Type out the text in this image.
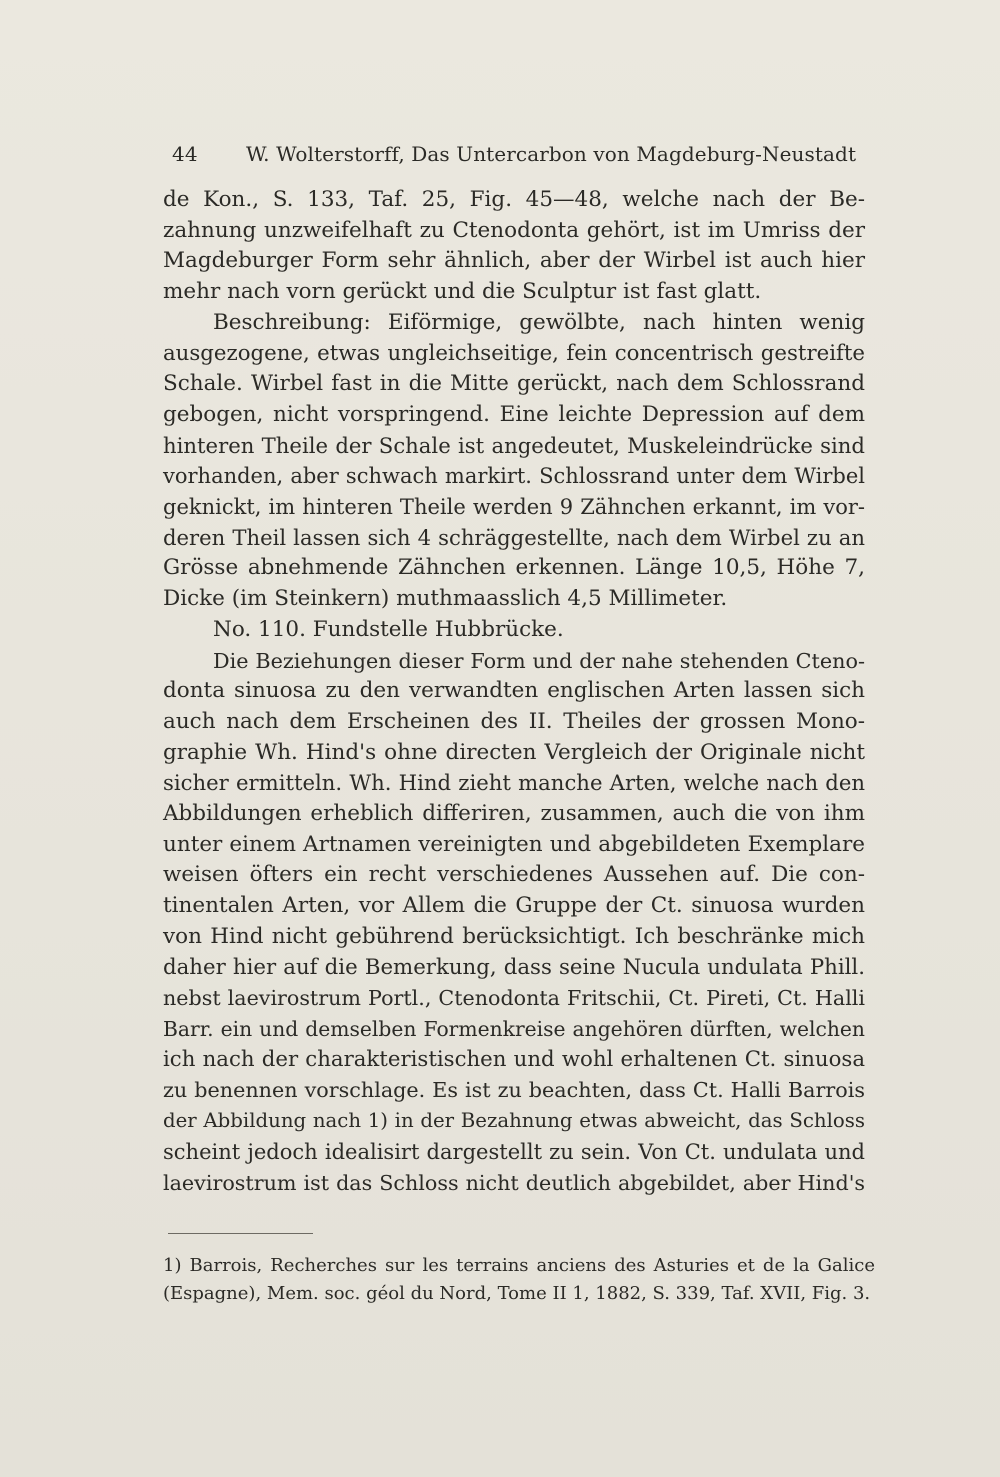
44 W. Wolterstorff, Das Untercarbon von Magdeburg-Neustadt

de Kon., S. 133, Taf. 25, Fig. 45—48, welche nach der Be-
zahnung unzweifelhaft zu Ctenodonta gehört, ist im Umriss der
Magdeburger Form sehr ähnlich, aber der Wirbel ist auch hier
mehr nach vorn gerückt und die Sculptur ist fast glatt.

Beschreibung: Eiförmige, gewölbte, nach hinten wenig
ausgezogene, etwas ungleichseitige, fein concentrisch gestreifte
Schale. Wirbel fast in die Mitte gerückt, nach dem Schlossrand
gebogen, nicht vorspringend. Eine leichte Depression auf dem
hinteren Theile der Schale ist angedeutet, Muskeleindrücke sind
vorhanden, aber schwach markirt. Schlossrand unter dem Wirbel
geknickt, im hinteren Theile werden 9 Zähnchen erkannt, im vor-
deren Theil lassen sich 4 schräggestellte, nach dem Wirbel zu an
Grösse abnehmende Zähnchen erkennen. Länge 10,5, Höhe 7,
Dicke (im Steinkern) muthmaasslich 4,5 Millimeter.

No. 110. Fundstelle Hubbrücke.

Die Beziehungen dieser Form und der nahe stehenden Cteno-
donta sinuosa zu den verwandten englischen Arten lassen sich
auch nach dem Erscheinen des II. Theiles der grossen Mono-
graphie Wh. Hind's ohne directen Vergleich der Originale nicht
sicher ermitteln. Wh. Hind zieht manche Arten, welche nach den
Abbildungen erheblich differiren, zusammen, auch die von ihm
unter einem Artnamen vereinigten und abgebildeten Exemplare
weisen öfters ein recht verschiedenes Aussehen auf. Die con-
tinentalen Arten, vor Allem die Gruppe der Ct. sinuosa wurden
von Hind nicht gebührend berücksichtigt. Ich beschränke mich
daher hier auf die Bemerkung, dass seine Nucula undulata Phill.
nebst laevirostrum Portl., Ctenodonta Fritschii, Ct. Pireti, Ct. Halli
Barr. ein und demselben Formenkreise angehören dürften, welchen
ich nach der charakteristischen und wohl erhaltenen Ct. sinuosa
zu benennen vorschlage. Es ist zu beachten, dass Ct. Halli Barrois
der Abbildung nach 1) in der Bezahnung etwas abweicht, das Schloss
scheint jedoch idealisirt dargestellt zu sein. Von Ct. undulata und
laevirostrum ist das Schloss nicht deutlich abgebildet, aber Hind's

1) Barrois, Recherches sur les terrains anciens des Asturies et de la Galice
(Espagne), Mem. soc. géol du Nord, Tome II 1, 1882, S. 339, Taf. XVII, Fig. 3.
